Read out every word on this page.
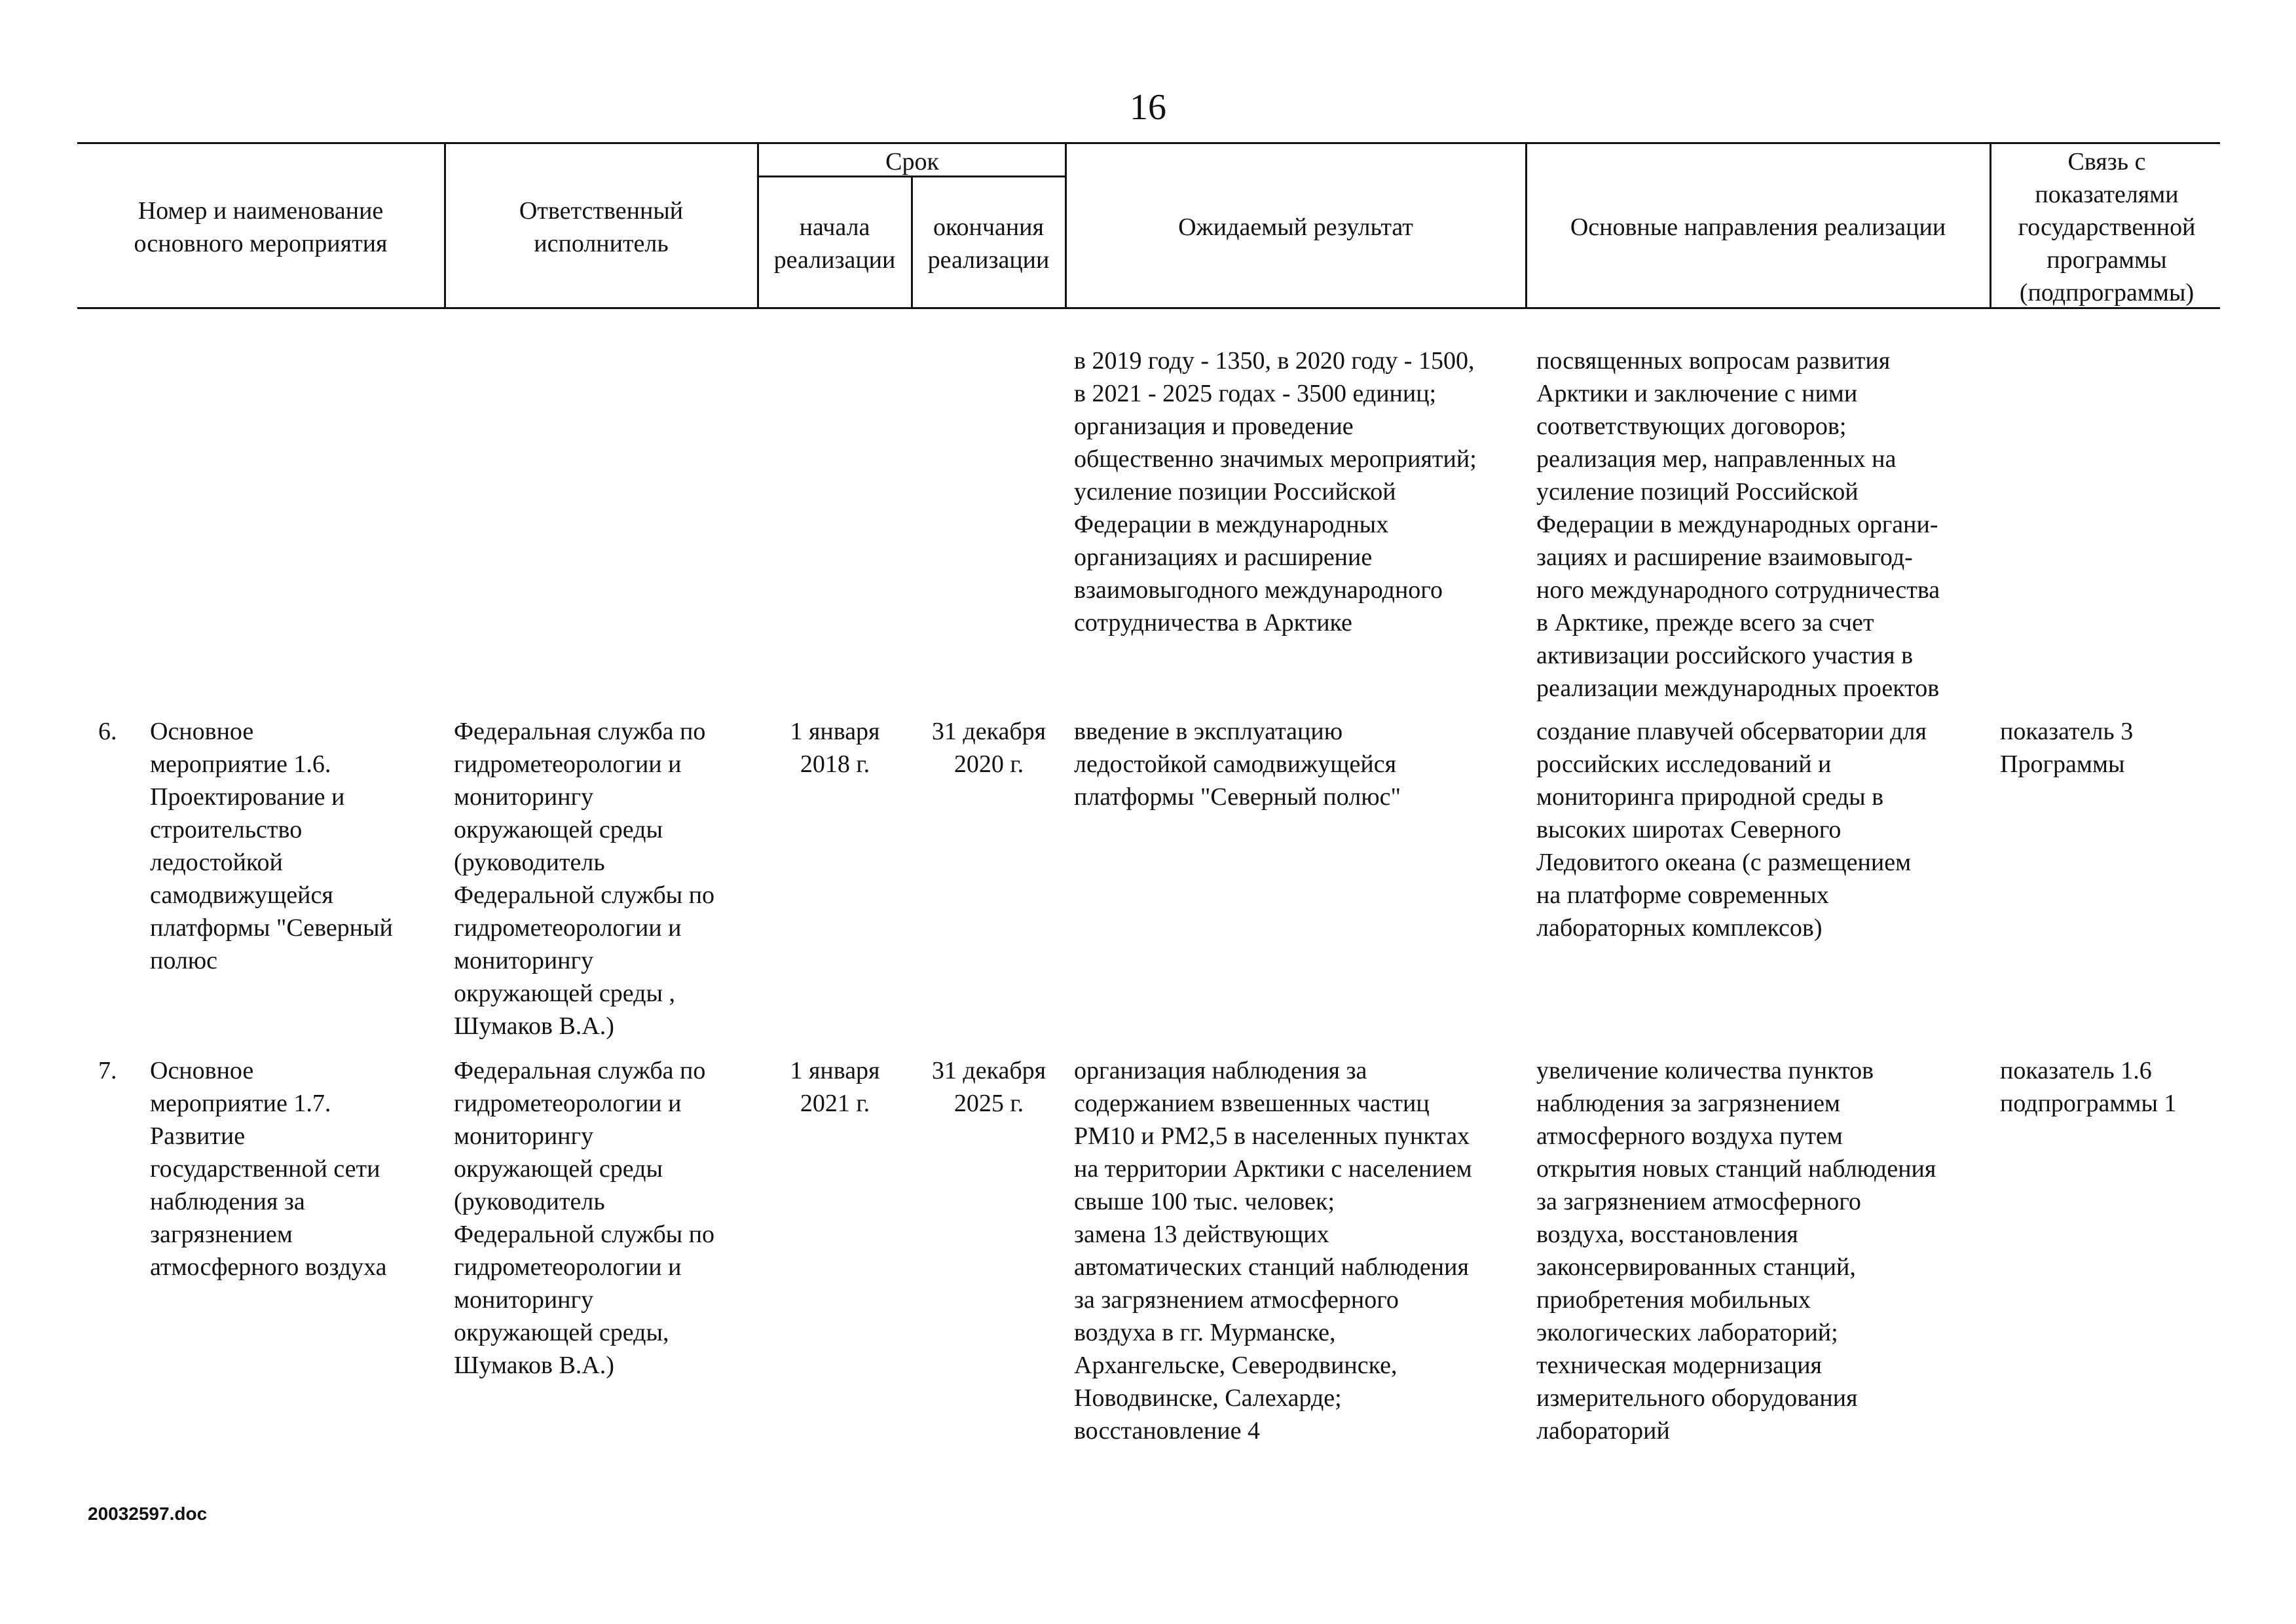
16
Номер и наименование
основного мероприятия
Ответственный
исполнитель
Срок
начала
реализации
окончания
реализации
Ожидаемый результат	Основные направления реализации
Связь с
показателями
государственной
программы
(подпрограммы)
в 2019 году - 1350, в 2020 году - 1500,
в 2021 - 2025 годах - 3500 единиц;
организация и проведение
общественно значимых мероприятий;
усиление позиции Российской
Федерации в международных
организациях и расширение
взаимовыгодного международного
сотрудничества в Арктике
посвященных вопросам развития
Арктики и заключение с ними
соответствующих договоров;
реализация мер, направленных на
усиление позиций Российской
Федерации в международных органи-
зациях и расширение взаимовыгод-
ного международного сотрудничества
в Арктике, прежде всего за счет
активизации российского участия в
реализации международных проектов
6. Основное
мероприятие 1.6.
Проектирование и
строительство
ледостойкой
самодвижущейся
платформы "Северный
полюс
Федеральная служба по
гидрометеорологии и
мониторингу
окружающей среды
(руководитель
Федеральной службы по
гидрометеорологии и
мониторингу
окружающей среды ,
Шумаков В.А.)
1 января
2018 г.
31 декабря
2020 г.
введение в эксплуатацию
ледостойкой самодвижущейся
платформы "Северный полюс"
создание плавучей обсерватории для
российских исследований и
мониторинга природной среды в
высоких широтах Северного
Ледовитого океана (с размещением
на платформе современных
лабораторных комплексов)
показатель 3
Программы
7. Основное
мероприятие 1.7.
Развитие
государственной сети
наблюдения за
загрязнением
атмосферного воздуха
Федеральная служба по
гидрометеорологии и
мониторингу
окружающей среды
(руководитель
Федеральной службы по
гидрометеорологии и
мониторингу
окружающей среды,
Шумаков В.А.)
1 января
2021 г.
31 декабря
2025 г.
организация наблюдения за
содержанием взвешенных частиц
РМ10 и РМ2,5 в населенных пунктах
на территории Арктики с населением
свыше 100 тыс. человек;
замена 13 действующих
автоматических станций наблюдения
за загрязнением атмосферного
воздуха в гг. Мурманске,
Архангельске, Северодвинске,
Новодвинске, Салехарде;
восстановление 4
увеличение количества пунктов
наблюдения за загрязнением
атмосферного воздуха путем
открытия новых станций наблюдения
за загрязнением атмосферного
воздуха, восстановления
законсервированных станций,
приобретения мобильных
экологических лабораторий;
техническая модернизация
измерительного оборудования
лабораторий
показатель 1.6
подпрограммы 1
20032597.doc
